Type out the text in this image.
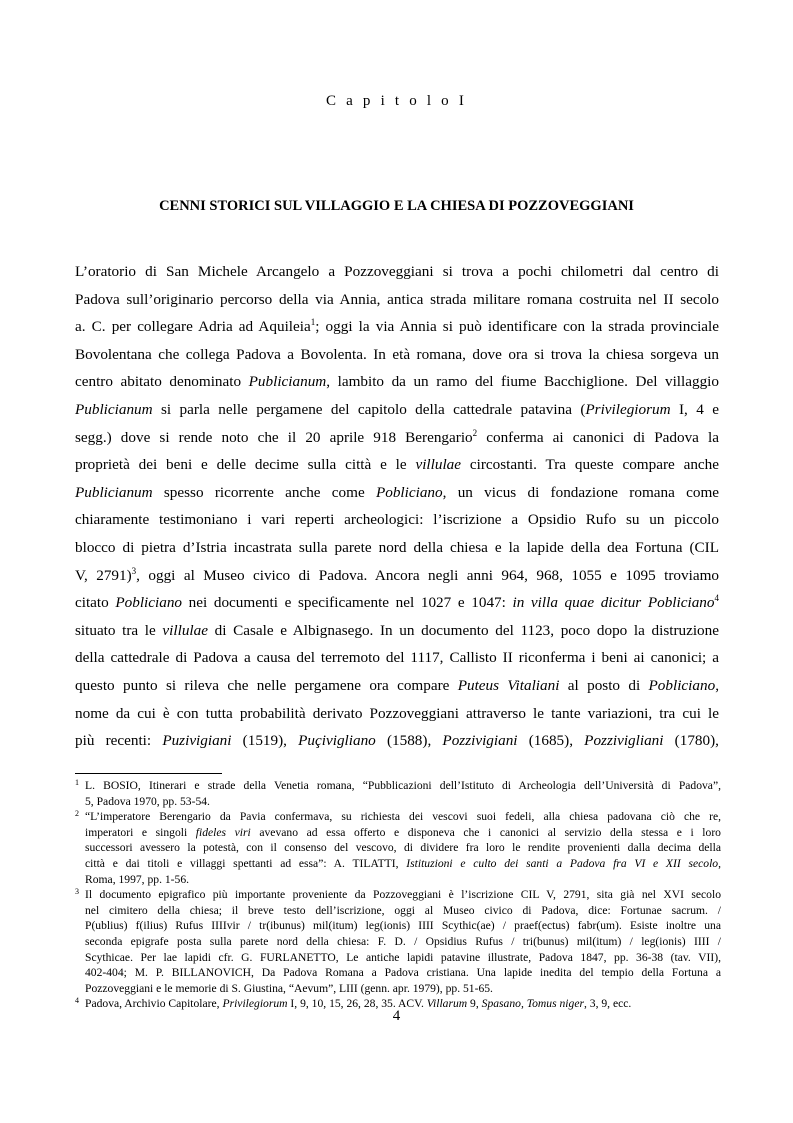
C a p i t o l o I
CENNI STORICI SUL VILLAGGIO E LA CHIESA DI POZZOVEGGIANI
L’oratorio di San Michele Arcangelo a Pozzoveggiani si trova a pochi chilometri dal centro di
Padova sull’originario percorso della via Annia, antica strada militare romana costruita nel II secolo
a. C. per collegare Adria ad Aquileia$^1$; oggi la via Annia si può identificare con la strada provinciale
Bovolentana che collega Padova a Bovolenta. In età romana, dove ora si trova la chiesa sorgeva un
centro abitato denominato Publicianum, lambito da un ramo del fiume Bacchiglione. Del villaggio
Publicianum si parla nelle pergamene del capitolo della cattedrale patavina (Privilegiorum I, 4 e
segg.) dove si rende noto che il 20 aprile 918 Berengario$^2$ conferma ai canonici di Padova la
proprietà dei beni e delle decime sulla città e le villulae circostanti. Tra queste compare anche
Publicianum spesso ricorrente anche come Pobliciano, un vicus di fondazione romana come
chiaramente testimoniano i vari reperti archeologici: l’iscrizione a Opsidio Rufo su un piccolo
blocco di pietra d’Istria incastrata sulla parete nord della chiesa e la lapide della dea Fortuna (CIL
V, 2791)$^3$, oggi al Museo civico di Padova. Ancora negli anni 964, 968, 1055 e 1095 troviamo
citato Pobliciano nei documenti e specificamente nel 1027 e 1047: in villa quae dicitur Pobliciano$^4$
situato tra le villulae di Casale e Albignasego. In un documento del 1123, poco dopo la distruzione
della cattedrale di Padova a causa del terremoto del 1117, Callisto II riconferma i beni ai canonici; a
questo punto si rileva che nelle pergamene ora compare Puteus Vitaliani al posto di Pobliciano,
nome da cui è con tutta probabilità derivato Pozzoveggiani attraverso le tante variazioni, tra cui le
più recenti: Puzivigiani (1519), Puçivigliano (1588), Pozzivigiani (1685), Pozzivigliani (1780),
1 L. BOSIO, Itinerari e strade della Venetia romana, “Pubblicazioni dell’Istituto di Archeologia dell’Università di Padova”,
5, Padova 1970, pp. 53-54.
2 “L’imperatore Berengario da Pavia confermava, su richiesta dei vescovi suoi fedeli, alla chiesa padovana ciò che re,
imperatori e singoli fideles viri avevano ad essa offerto e disponeva che i canonici al servizio della stessa e i loro
successori avessero la potestà, con il consenso del vescovo, di dividere fra loro le rendite provenienti dalla decima della
città e dai titoli e villaggi spettanti ad essa”: A. TILATTI, Istituzioni e culto dei santi a Padova fra VI e XII secolo,
Roma, 1997, pp. 1-56.
3 Il documento epigrafico più importante proveniente da Pozzoveggiani è l’iscrizione CIL V, 2791, sita già nel XVI secolo
nel cimitero della chiesa; il breve testo dell’iscrizione, oggi al Museo civico di Padova, dice: Fortunae sacrum. /
P(ublius) f(ilius) Rufus IIIIvir / tr(ibunus) mil(itum) leg(ionis) IIII Scythic(ae) / praef(ectus) fabr(um). Esiste inoltre una
seconda epigrafe posta sulla parete nord della chiesa: F. D. / Opsidius Rufus / tri(bunus) mil(itum) / leg(ionis) IIII /
Scythicae. Per lae lapidi cfr. G. FURLANETTO, Le antiche lapidi patavine illustrate, Padova 1847, pp. 36-38 (tav. VII),
402-404; M. P. BILLANOVICH, Da Padova Romana a Padova cristiana. Una lapide inedita del tempio della Fortuna a
Pozzoveggiani e le memorie di S. Giustina, “Aevum”, LIII (genn. apr. 1979), pp. 51-65.
4 Padova, Archivio Capitolare, Privilegiorum I, 9, 10, 15, 26, 28, 35. ACV. Villarum 9, Spasano, Tomus niger, 3, 9, ecc.
4
